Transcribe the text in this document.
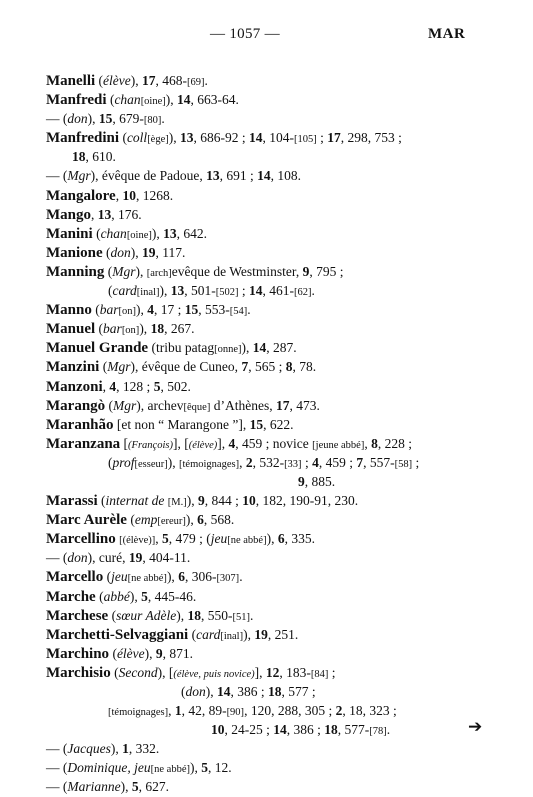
— 1057 —	MAR
Manelli (élève), 17, 468-[69].
Manfredi (chan[oine]), 14, 663-64.
— (don), 15, 679-[80].
Manfredini (coll[ège]), 13, 686-92 ; 14, 104-[105] ; 17, 298, 753 ;
18, 610.
— (Mgr), évêque de Padoue, 13, 691 ; 14, 108.
Mangalore, 10, 1268.
Mango, 13, 176.
Manini (chan[oine]), 13, 642.
Manione (don), 19, 117.
Manning (Mgr), [arch]evêque de Westminster, 9, 795 ;
(card[inal]), 13, 501-[502] ; 14, 461-[62].
Manno (bar[on]), 4, 17 ; 15, 553-[54].
Manuel (bar[on]), 18, 267.
Manuel Grande (tribu patag[onne]), 14, 287.
Manzini (Mgr), évêque de Cuneo, 7, 565 ; 8, 78.
Manzoni, 4, 128 ; 5, 502.
Marangò (Mgr), archev[êque] d’Athènes, 17, 473.
Maranhão [et non “ Marangone ”], 15, 622.
Maranzana [(François)], [(élève)], 4, 459 ; novice [jeune abbé], 8, 228 ;
(prof[esseur]), [témoignages], 2, 532-[33] ; 4, 459 ; 7, 557-[58] ;
9, 885.
Marassi (internat de [M.]), 9, 844 ; 10, 182, 190-91, 230.
Marc Aurèle (emp[ereur]), 6, 568.
Marcellino [(élève)], 5, 479 ; (jeu[ne abbé]), 6, 335.
— (don), curé, 19, 404-11.
Marcello (jeu[ne abbé]), 6, 306-[307].
Marche (abbé), 5, 445-46.
Marchese (sœur Adèle), 18, 550-[51].
Marchetti-Selvaggiani (card[inal]), 19, 251.
Marchino (élève), 9, 871.
Marchisio (Second), [(élève, puis novice)], 12, 183-[84] ;
(don), 14, 386 ; 18, 577 ;
[témoignages], 1, 42, 89-[90], 120, 288, 305 ; 2, 18, 323 ;
10, 24-25 ; 14, 386 ; 18, 577-[78].
— (Jacques), 1, 332.
— (Dominique, jeu[ne abbé]), 5, 12.
— (Marianne), 5, 627.
➔
